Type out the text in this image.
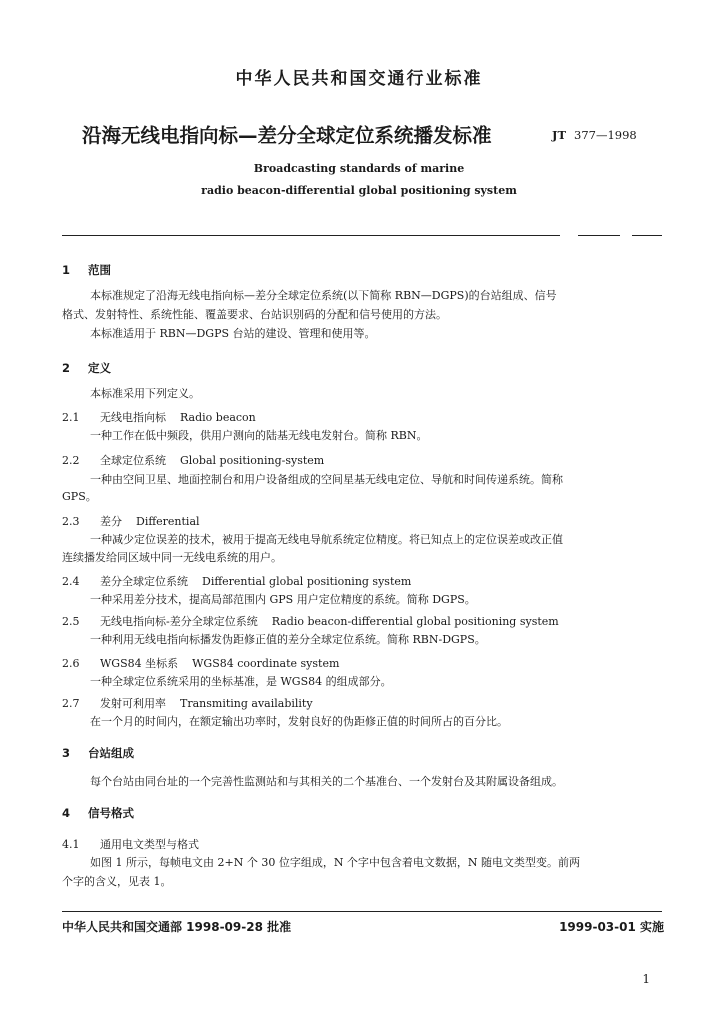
中华人民共和国交通行业标准
沿海无线电指向标—差分全球定位系统播发标准	JT 377—1998
Broadcasting standards of marine
radio beacon-differential global positioning system
1 范围
本标准规定了沿海无线电指向标—差分全球定位系统(以下简称 RBN—DGPS)的台站组成、信号
格式、发射特性、系统性能、覆盖要求、台站识别码的分配和信号使用的方法。
本标准适用于 RBN—DGPS 台站的建设、管理和使用等。
2 定义
本标准采用下列定义。
2.1 无线电指向标 Radio beacon
一种工作在低中频段，供用户测向的陆基无线电发射台。简称 RBN。
2.2 全球定位系统 Global positioning-system
一种由空间卫星、地面控制台和用户设备组成的空间星基无线电定位、导航和时间传递系统。简称
GPS。
2.3 差分 Differential
一种减少定位误差的技术，被用于提高无线电导航系统定位精度。将已知点上的定位误差或改正值
连续播发给同区域中同一无线电系统的用户。
2.4 差分全球定位系统 Differential global positioning system
一种采用差分技术，提高局部范围内 GPS 用户定位精度的系统。简称 DGPS。
2.5 无线电指向标-差分全球定位系统 Radio beacon-differential global positioning system
一种利用无线电指向标播发伪距修正值的差分全球定位系统。简称 RBN-DGPS。
2.6 WGS84 坐标系 WGS84 coordinate system
一种全球定位系统采用的坐标基准，是 WGS84 的组成部分。
2.7 发射可利用率 Transmiting availability
在一个月的时间内，在额定输出功率时，发射良好的伪距修正值的时间所占的百分比。
3 台站组成
每个台站由同台址的一个完善性监测站和与其相关的二个基准台、一个发射台及其附属设备组成。
4 信号格式
4.1 通用电文类型与格式
如图 1 所示，每帧电文由 2+N 个 30 位字组成，N 个字中包含着电文数据，N 随电文类型变。前两
个字的含义，见表 1。
中华人民共和国交通部 1998-09-28 批准	1999-03-01 实施
1
